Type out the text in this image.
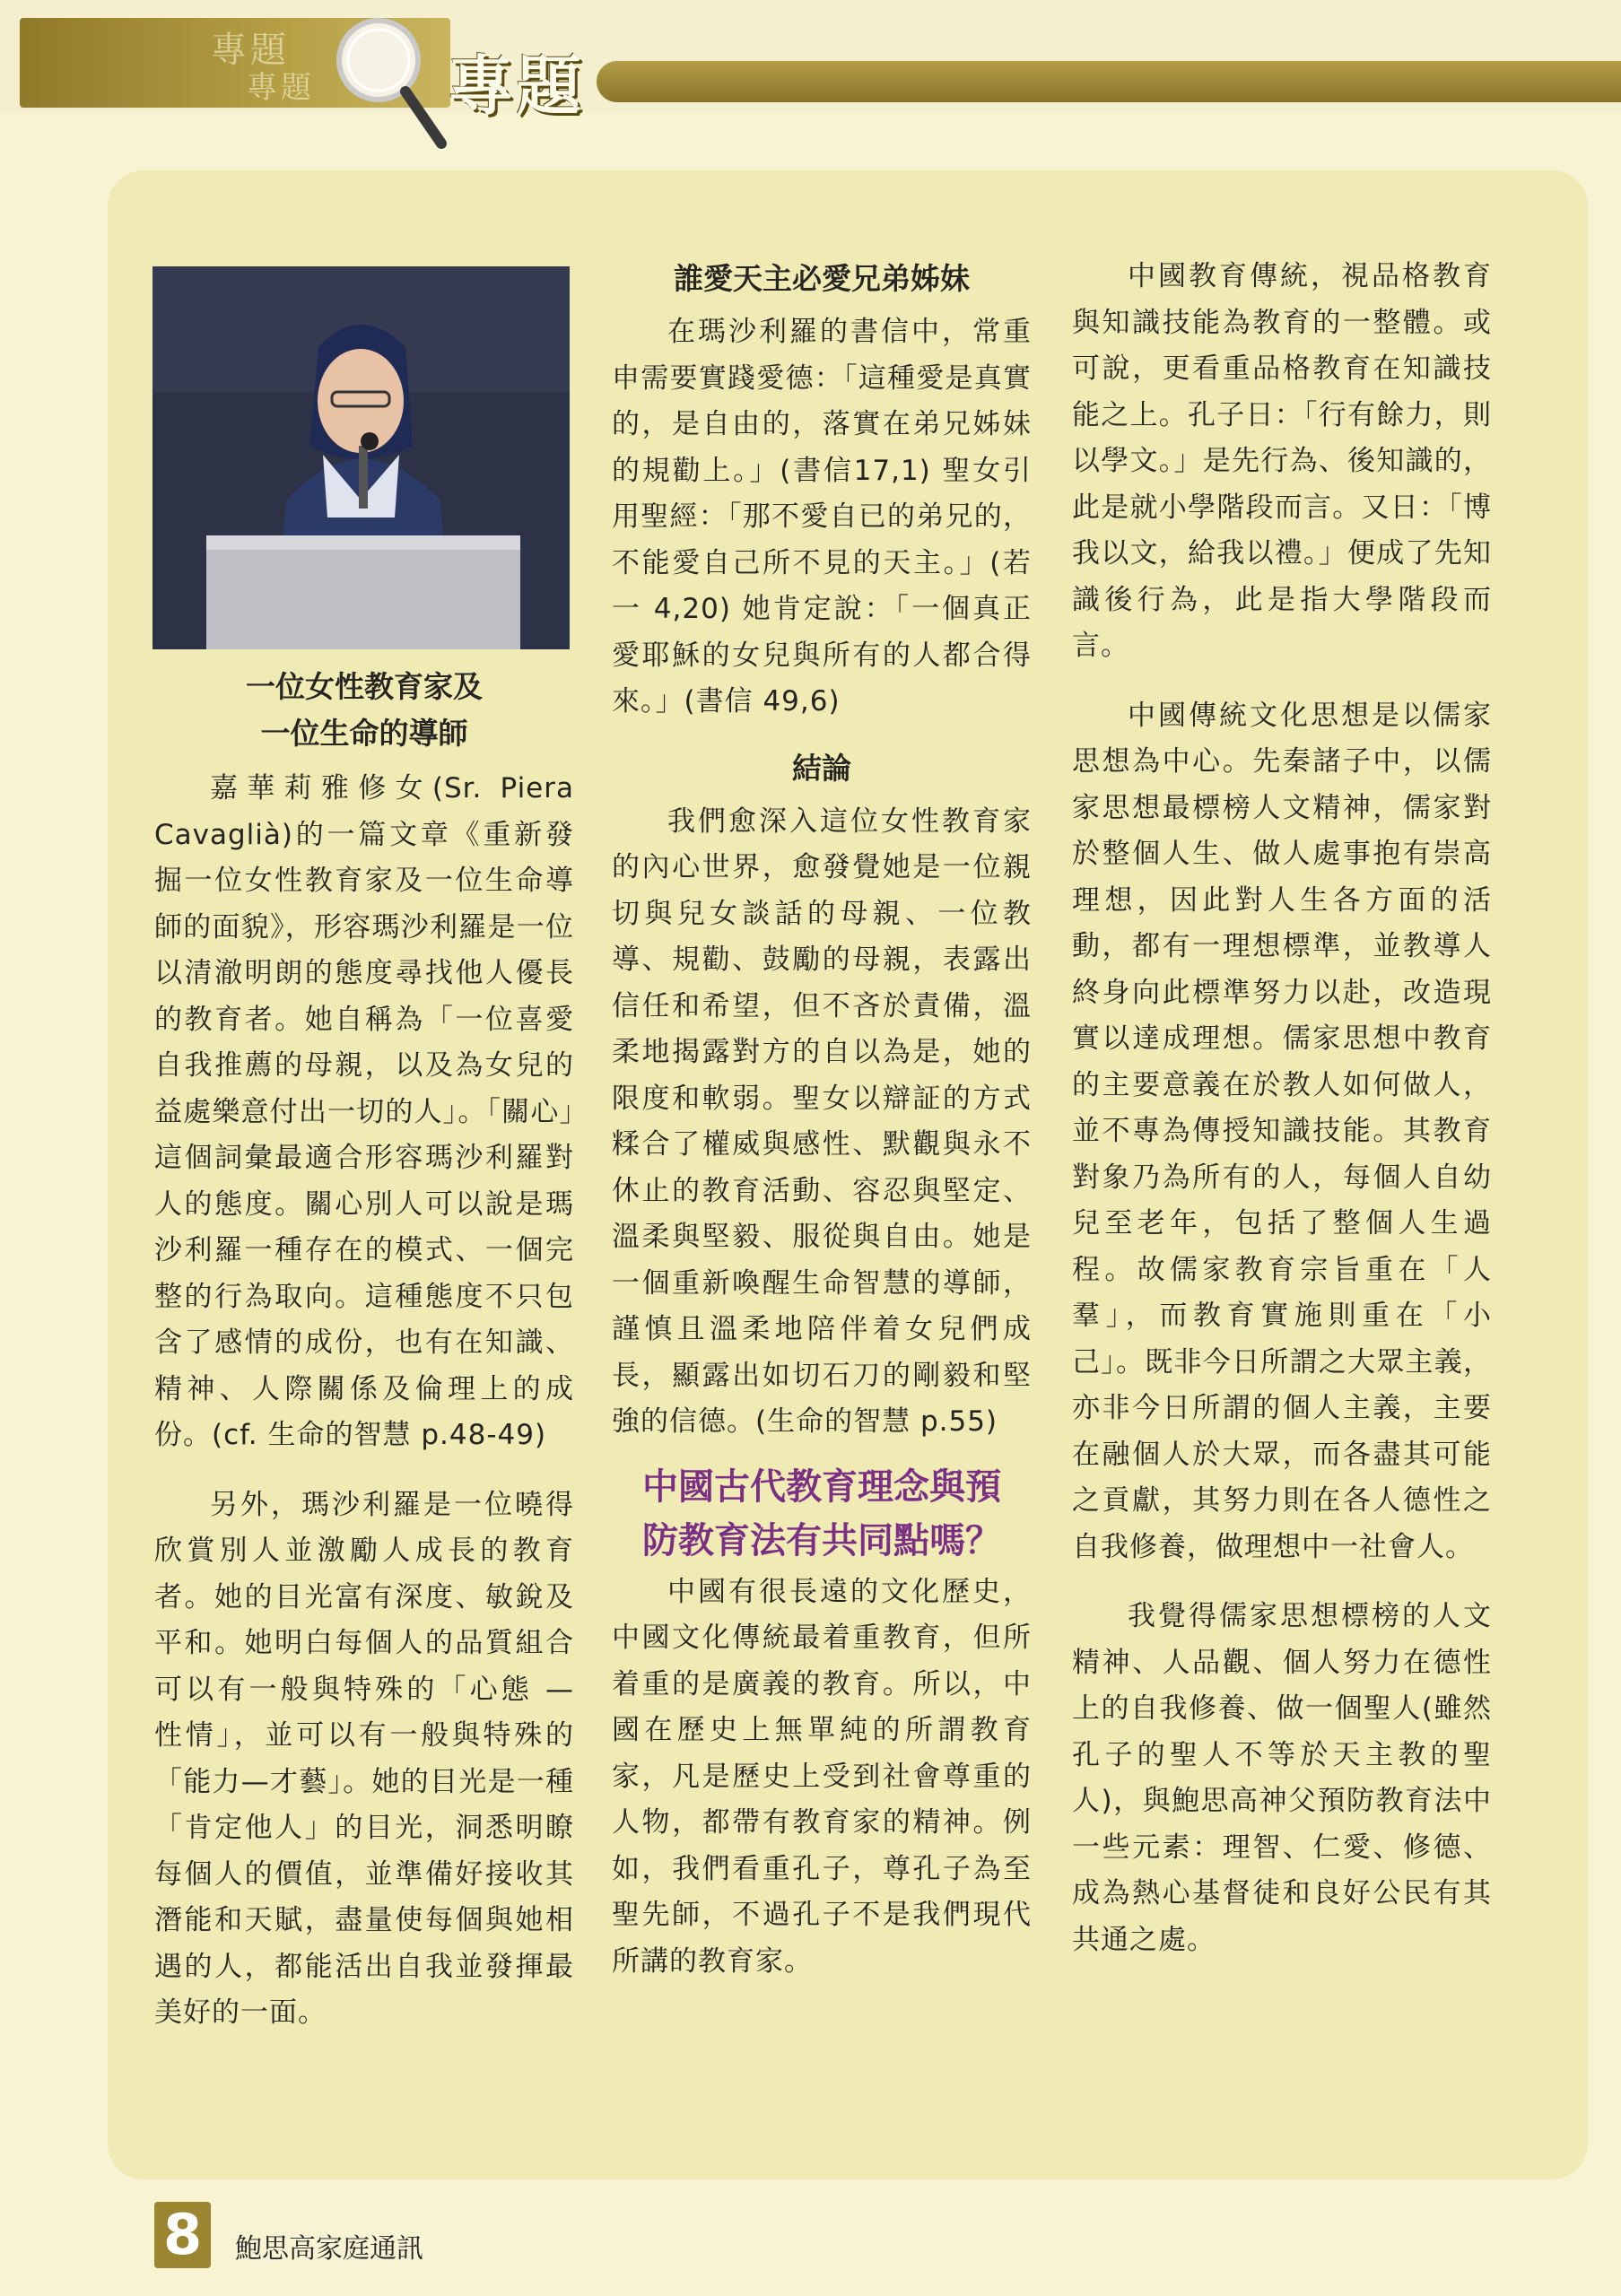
專題
專題 專題

一位女性教育家及

一位生命的導師

嘉華莉雅修女(Sr. Piera Cavaglià)的一篇文章《重新發掘一位女性教育家及一位生命導師的面貌》，形容瑪沙利羅是一位以清澈明朗的態度尋找他人優長的教育者。她自稱為「一位喜愛自我推薦的母親，以及為女兒的益處樂意付出一切的人」。「關心」這個詞彙最適合形容瑪沙利羅對人的態度。關心別人可以說是瑪沙利羅一種存在的模式、一個完整的行為取向。這種態度不只包含了感情的成份，也有在知識、精神、人際關係及倫理上的成份。(cf. 生命的智慧 p.48-49)

另外，瑪沙利羅是一位曉得欣賞別人並激勵人成長的教育者。她的目光富有深度、敏銳及平和。她明白每個人的品質組合可以有一般與特殊的「心態 — 性情」，並可以有一般與特殊的「能力—才藝」。她的目光是一種「肯定他人」的目光，洞悉明瞭每個人的價值，並準備好接收其潛能和天賦，盡量使每個與她相遇的人，都能活出自我並發揮最美好的一面。

誰愛天主必愛兄弟姊妹

在瑪沙利羅的書信中，常重申需要實踐愛德：「這種愛是真實的，是自由的，落實在弟兄姊妹的規勸上。」(書信17,1) 聖女引用聖經：「那不愛自已的弟兄的，不能愛自己所不見的天主。」(若一 4,20) 她肯定說：「一個真正愛耶穌的女兒與所有的人都合得來。」(書信 49,6)

結論

我們愈深入這位女性教育家的內心世界，愈發覺她是一位親切與兒女談話的母親、一位教導、規勸、鼓勵的母親，表露出信任和希望，但不吝於責備，溫柔地揭露對方的自以為是，她的限度和軟弱。聖女以辯証的方式糅合了權威與感性、默觀與永不休止的教育活動、容忍與堅定、溫柔與堅毅、服從與自由。她是一個重新喚醒生命智慧的導師，謹慎且溫柔地陪伴着女兒們成長，顯露出如切石刀的剛毅和堅強的信德。(生命的智慧 p.55)

中國古代教育理念與預

防教育法有共同點嗎？

中國有很長遠的文化歷史，中國文化傳統最着重教育，但所着重的是廣義的教育。所以，中國在歷史上無單純的所謂教育家，凡是歷史上受到社會尊重的人物，都帶有教育家的精神。例如，我們看重孔子，尊孔子為至聖先師，不過孔子不是我們現代所講的教育家。

中國教育傳統，視品格教育與知識技能為教育的一整體。或可說，更看重品格教育在知識技能之上。孔子日：「行有餘力，則以學文。」是先行為、後知識的，此是就小學階段而言。又日：「博我以文，給我以禮。」便成了先知識後行為，此是指大學階段而言。

中國傳統文化思想是以儒家思想為中心。先秦諸子中，以儒家思想最標榜人文精神，儒家對於整個人生、做人處事抱有崇高理想，因此對人生各方面的活動，都有一理想標準，並教導人終身向此標準努力以赴，改造現實以達成理想。儒家思想中教育的主要意義在於教人如何做人，並不專為傳授知識技能。其教育對象乃為所有的人，每個人自幼兒至老年，包括了整個人生過程。故儒家教育宗旨重在「人羣」，而教育實施則重在「小己」。既非今日所謂之大眾主義，亦非今日所謂的個人主義，主要在融個人於大眾，而各盡其可能之貢獻，其努力則在各人德性之自我修養，做理想中一社會人。

我覺得儒家思想標榜的人文精神、人品觀、個人努力在德性上的自我修養、做一個聖人(雖然孔子的聖人不等於天主教的聖人)，與鮑思高神父預防教育法中一些元素：理智、仁愛、修德、成為熱心基督徒和良好公民有其共通之處。

8	鮑思高家庭通訊
